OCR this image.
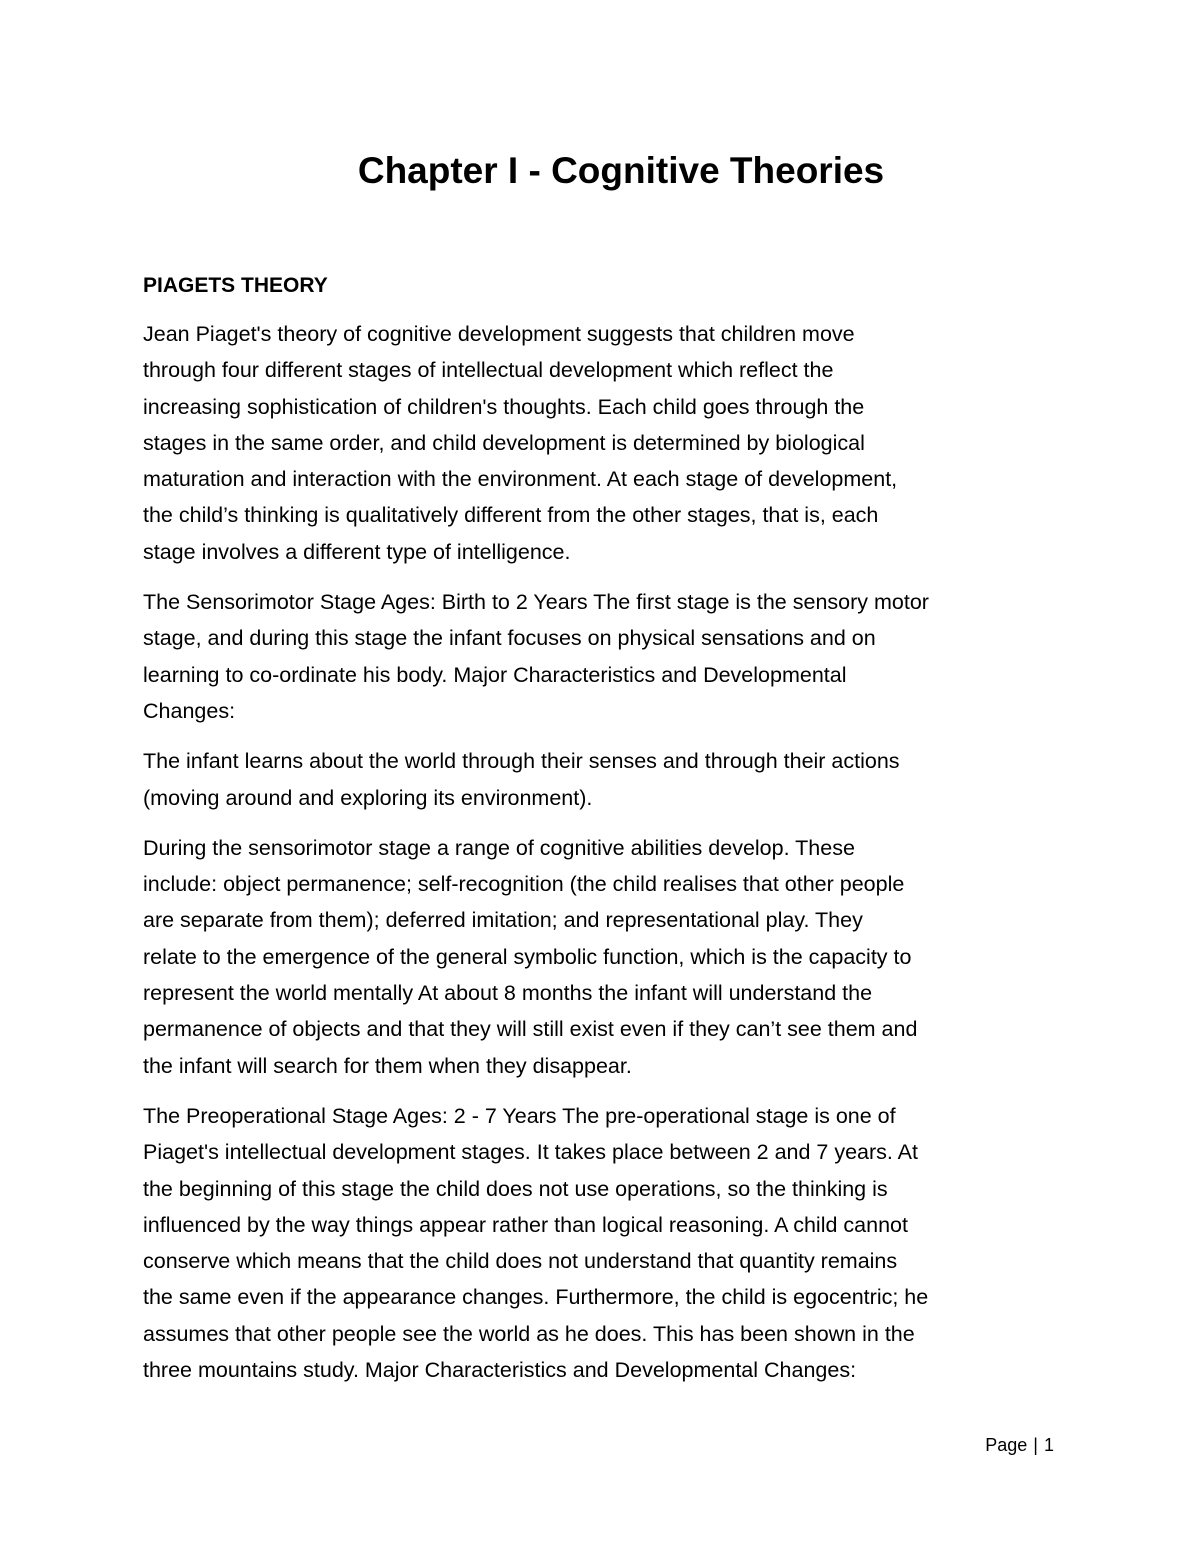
Chapter I - Cognitive Theories
PIAGETS THEORY
Jean Piaget's theory of cognitive development suggests that children move
through four different stages of intellectual development which reflect the
increasing sophistication of children's thoughts. Each child goes through the
stages in the same order, and child development is determined by biological
maturation and interaction with the environment. At each stage of development,
the child’s thinking is qualitatively different from the other stages, that is, each
stage involves a different type of intelligence.
The Sensorimotor Stage Ages: Birth to 2 Years The first stage is the sensory motor
stage, and during this stage the infant focuses on physical sensations and on
learning to co-ordinate his body. Major Characteristics and Developmental
Changes:
The infant learns about the world through their senses and through their actions
(moving around and exploring its environment).
During the sensorimotor stage a range of cognitive abilities develop. These
include: object permanence; self-recognition (the child realises that other people
are separate from them); deferred imitation; and representational play. They
relate to the emergence of the general symbolic function, which is the capacity to
represent the world mentally At about 8 months the infant will understand the
permanence of objects and that they will still exist even if they can’t see them and
the infant will search for them when they disappear.
The Preoperational Stage Ages: 2 - 7 Years The pre-operational stage is one of
Piaget's intellectual development stages. It takes place between 2 and 7 years. At
the beginning of this stage the child does not use operations, so the thinking is
influenced by the way things appear rather than logical reasoning. A child cannot
conserve which means that the child does not understand that quantity remains
the same even if the appearance changes. Furthermore, the child is egocentric; he
assumes that other people see the world as he does. This has been shown in the
three mountains study. Major Characteristics and Developmental Changes:
Page | 1
